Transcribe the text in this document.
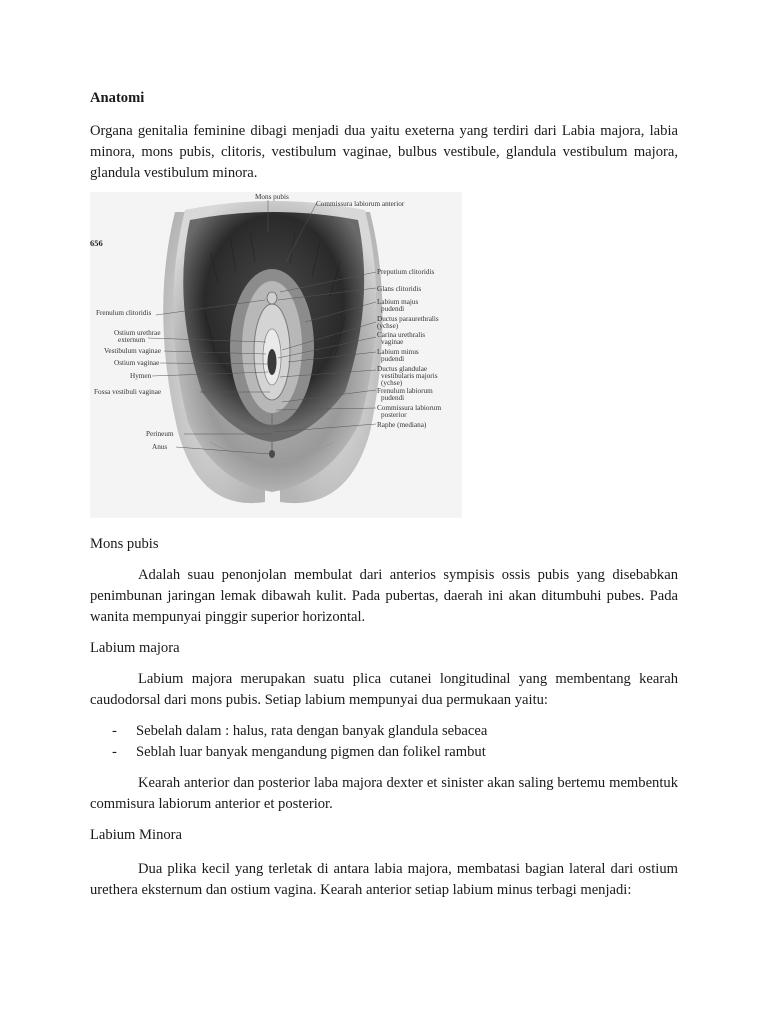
Anatomi

Organa genitalia feminine dibagi menjadi dua yaitu exeterna yang terdiri dari Labia majora, labia minora, mons pubis, clitoris, vestibulum vaginae, bulbus vestibule, glandula vestibulum majora, glandula vestibulum minora.

656
Mons pubis
Commissura labiorum anterior
Frenulum clitoridis
Ostium urethrae
externum
Vestibulum vaginae
Ostium vaginae
Hymen
Fossa vestibuli vaginae
Perineum
Anus
Preputium clitoridis
Glans clitoridis
Labium majus
pudendi
Ductus paraurethralis
(ychse)
Carina urethralis
vaginae
Labium minus
pudendi
Ductus glandulae
vestibularis majoris
(ychse)
Frenulum labiorum
pudendi
Commissura labiorum
posterior
Raphe (mediana)

Mons pubis

Adalah suau penonjolan membulat dari anterios sympisis ossis pubis yang disebabkan penimbunan jaringan lemak dibawah kulit. Pada pubertas, daerah ini akan ditumbuhi pubes. Pada wanita mempunyai pinggir superior horizontal.

Labium majora

Labium majora merupakan suatu plica cutanei longitudinal yang membentang kearah caudodorsal dari mons pubis. Setiap labium mempunyai dua permukaan yaitu:

- Sebelah dalam : halus, rata dengan banyak glandula sebacea
- Seblah luar banyak mengandung pigmen dan folikel rambut

Kearah anterior dan posterior laba majora dexter et sinister akan saling bertemu membentuk commisura labiorum anterior et posterior.

Labium Minora

Dua plika kecil yang terletak di antara labia majora, membatasi bagian lateral dari ostium urethera eksternum dan ostium vagina. Kearah anterior setiap labium minus terbagi menjadi:
